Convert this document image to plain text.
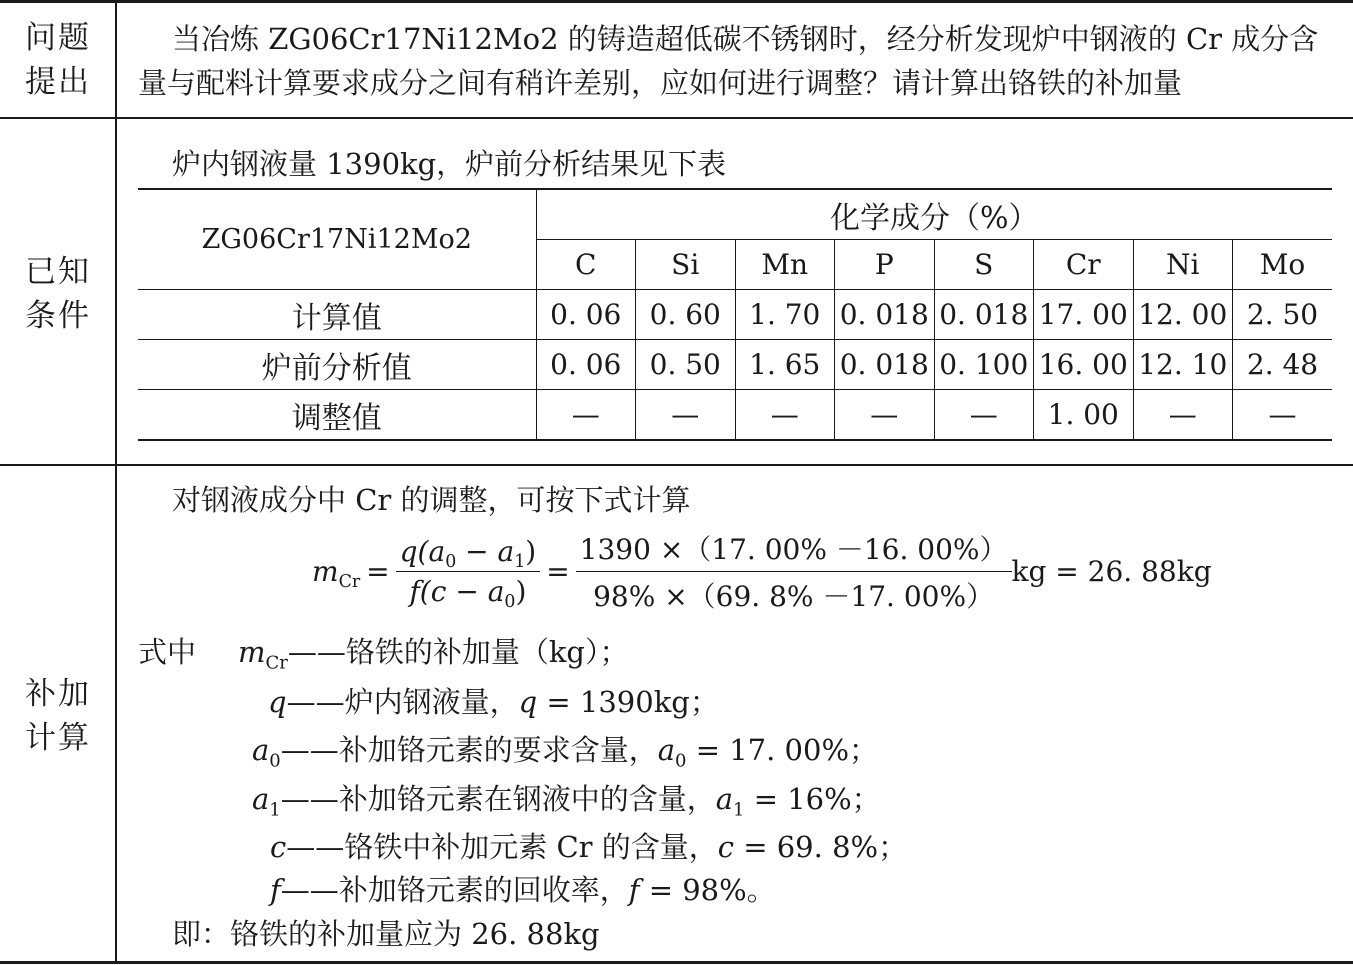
问题
提出
当冶炼 ZG06Cr17Ni12Mo2 的铸造超低碳不锈钢时，经分析发现炉中钢液的 Cr 成分含
量与配料计算要求成分之间有稍许差别，应如何进行调整？请计算出铬铁的补加量
已知
条件
炉内钢液量 1390kg，炉前分析结果见下表
ZG06Cr17Ni12Mo2	化学成分（%）							
	C	Si	Mn	P	S	Cr	Ni	Mo
计算值	0. 06	0. 60	1. 70	0. 018	0. 018	17. 00	12. 00	2. 50
炉前分析值	0. 06	0. 50	1. 65	0. 018	0. 100	16. 00	12. 10	2. 48
调整值	—	—	—	—	—	1. 00	—	—
补加
计算
对钢液成分中 Cr 的调整，可按下式计算
$m_{Cr} = \frac{q(a_0 - a_1)}{f(c - a_0)} = \frac{1390 \times(17. 00\% -16. 00\%)}{98\% \times(69. 8\% -17. 00\%)}$ kg = 26. 88kg
式中 $m_{Cr}——$铬铁的补加量（kg）；
q——炉内钢液量，q = 1390kg；
$a_0——$补加铬元素的要求含量，$a_0 = 17$. 00%；
$a_1——$补加铬元素在钢液中的含量，$a_1 = 16\%$；
c——铬铁中补加元素 Cr 的含量，c = 69. 8%；
f——补加铬元素的回收率，f = 98%。
即：铬铁的补加量应为 26. 88kg
